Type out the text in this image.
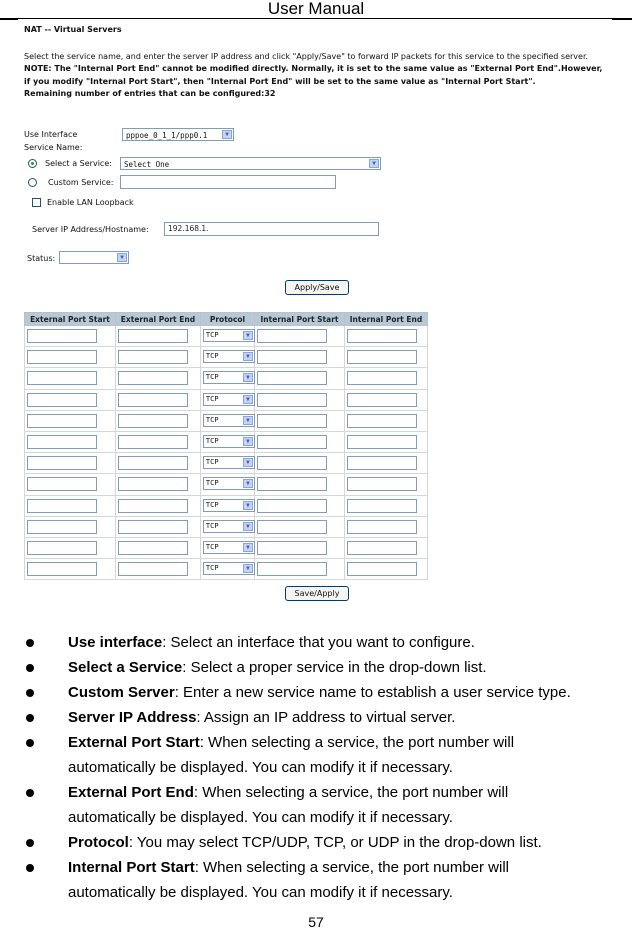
User Manual
NAT -- Virtual Servers
Select the service name, and enter the server IP address and click "Apply/Save" to forward IP packets for this service to the specified server.
NOTE: The "Internal Port End" cannot be modified directly. Normally, it is set to the same value as "External Port End".However, if you modify "Internal Port Start", then "Internal Port End" will be set to the same value as "Internal Port Start".
Remaining number of entries that can be configured:32
Use Interface	pppoe_0_1_1/ppp0.1	▼
Service Name:
Select a Service:	Select One	▼
Custom Service:
Enable LAN Loopback
Server IP Address/Hostname:	192.168.1.
Status:	▼
Apply/Save
External Port Start	External Port End	Protocol	Internal Port Start	Internal Port End

		TCP ▼		

		TCP ▼		

		TCP ▼		

		TCP ▼		

		TCP ▼		

		TCP ▼		

		TCP ▼		

		TCP ▼		

		TCP ▼		

		TCP ▼		

		TCP ▼		

		TCP ▼		

Save/Apply
Use interface: Select an interface that you want to configure.
Select a Service: Select a proper service in the drop-down list.
Custom Server: Enter a new service name to establish a user service type.
Server IP Address: Assign an IP address to virtual server.
External Port Start: When selecting a service, the port number will
automatically be displayed. You can modify it if necessary.
External Port End: When selecting a service, the port number will
automatically be displayed. You can modify it if necessary.
Protocol: You may select TCP/UDP, TCP, or UDP in the drop-down list.
Internal Port Start: When selecting a service, the port number will
automatically be displayed. You can modify it if necessary.
57
